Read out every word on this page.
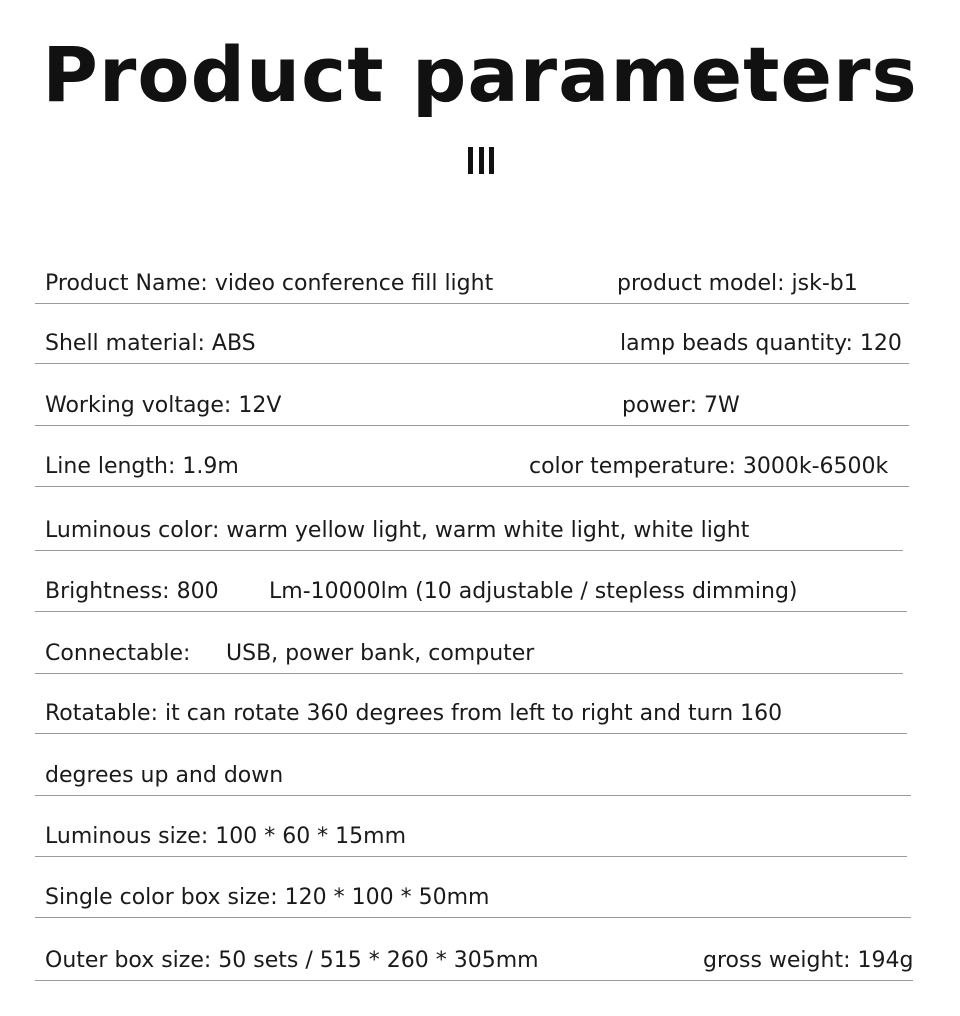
Product parameters
Product Name: video conference fill light	product model: jsk-b1
Shell material: ABS	lamp beads quantity: 120
Working voltage: 12V	power: 7W
Line length: 1.9m	color temperature: 3000k-6500k
Luminous color: warm yellow light, warm white light, white light
Brightness: 800 Lm-10000lm (10 adjustable / stepless dimming)
Connectable: USB, power bank, computer
Rotatable: it can rotate 360 degrees from left to right and turn 160
degrees up and down
Luminous size: 100 * 60 * 15mm
Single color box size: 120 * 100 * 50mm
Outer box size: 50 sets / 515 * 260 * 305mm	gross weight: 194g
